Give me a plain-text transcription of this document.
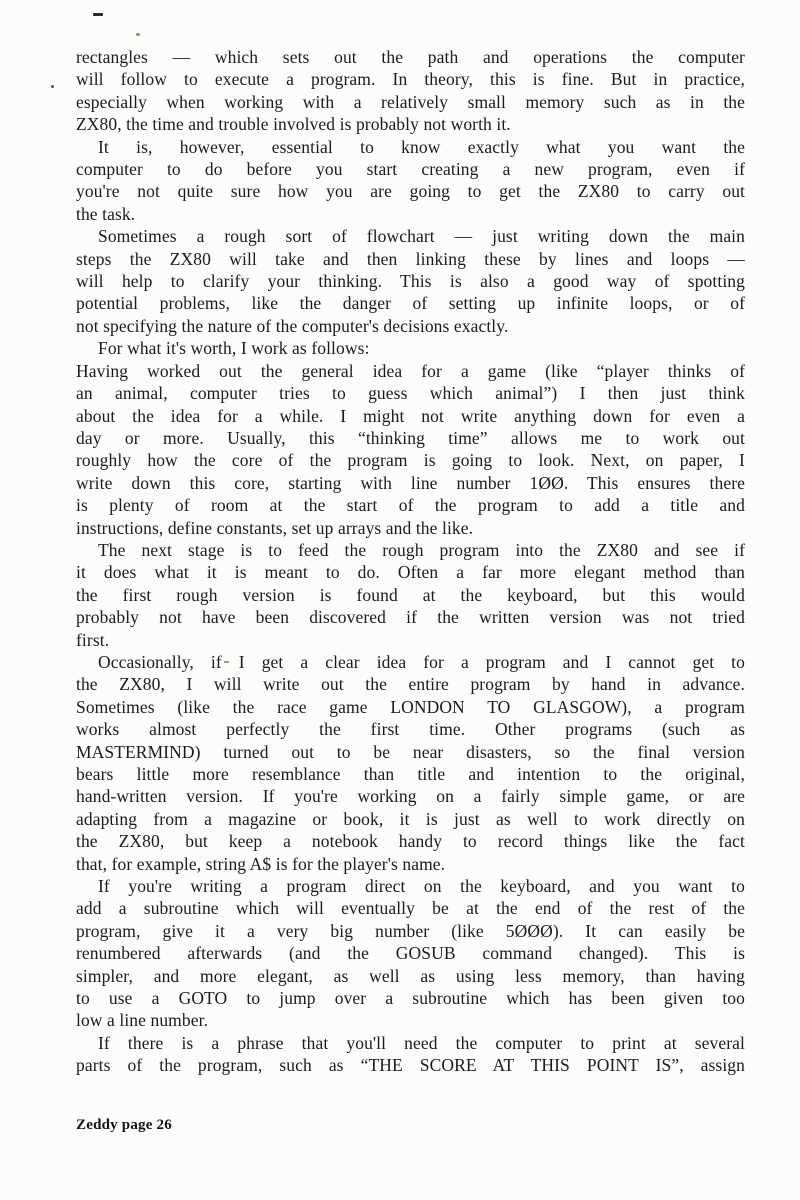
rectangles — which sets out the path and operations the computer
will follow to execute a program. In theory, this is fine. But in practice,
especially when working with a relatively small memory such as in the
ZX80, the time and trouble involved is probably not worth it.
It is, however, essential to know exactly what you want the
computer to do before you start creating a new program, even if
you're not quite sure how you are going to get the ZX80 to carry out
the task.
Sometimes a rough sort of flowchart — just writing down the main
steps the ZX80 will take and then linking these by lines and loops —
will help to clarify your thinking. This is also a good way of spotting
potential problems, like the danger of setting up infinite loops, or of
not specifying the nature of the computer's decisions exactly.
For what it's worth, I work as follows:
Having worked out the general idea for a game (like “player thinks of
an animal, computer tries to guess which animal”) I then just think
about the idea for a while. I might not write anything down for even a
day or more. Usually, this “thinking time” allows me to work out
roughly how the core of the program is going to look. Next, on paper, I
write down this core, starting with line number 1ØØ. This ensures there
is plenty of room at the start of the program to add a title and
instructions, define constants, set up arrays and the like.
The next stage is to feed the rough program into the ZX80 and see if
it does what it is meant to do. Often a far more elegant method than
the first rough version is found at the keyboard, but this would
probably not have been discovered if the written version was not tried
first.
Occasionally, if I get a clear idea for a program and I cannot get to
the ZX80, I will write out the entire program by hand in advance.
Sometimes (like the race game LONDON TO GLASGOW), a program
works almost perfectly the first time. Other programs (such as
MASTERMIND) turned out to be near disasters, so the final version
bears little more resemblance than title and intention to the original,
hand-written version. If you're working on a fairly simple game, or are
adapting from a magazine or book, it is just as well to work directly on
the ZX80, but keep a notebook handy to record things like the fact
that, for example, string A$ is for the player's name.
If you're writing a program direct on the keyboard, and you want to
add a subroutine which will eventually be at the end of the rest of the
program, give it a very big number (like 5ØØØ). It can easily be
renumbered afterwards (and the GOSUB command changed). This is
simpler, and more elegant, as well as using less memory, than having
to use a GOTO to jump over a subroutine which has been given too
low a line number.
If there is a phrase that you'll need the computer to print at several
parts of the program, such as “THE SCORE AT THIS POINT IS”, assign
Zeddy page 26
